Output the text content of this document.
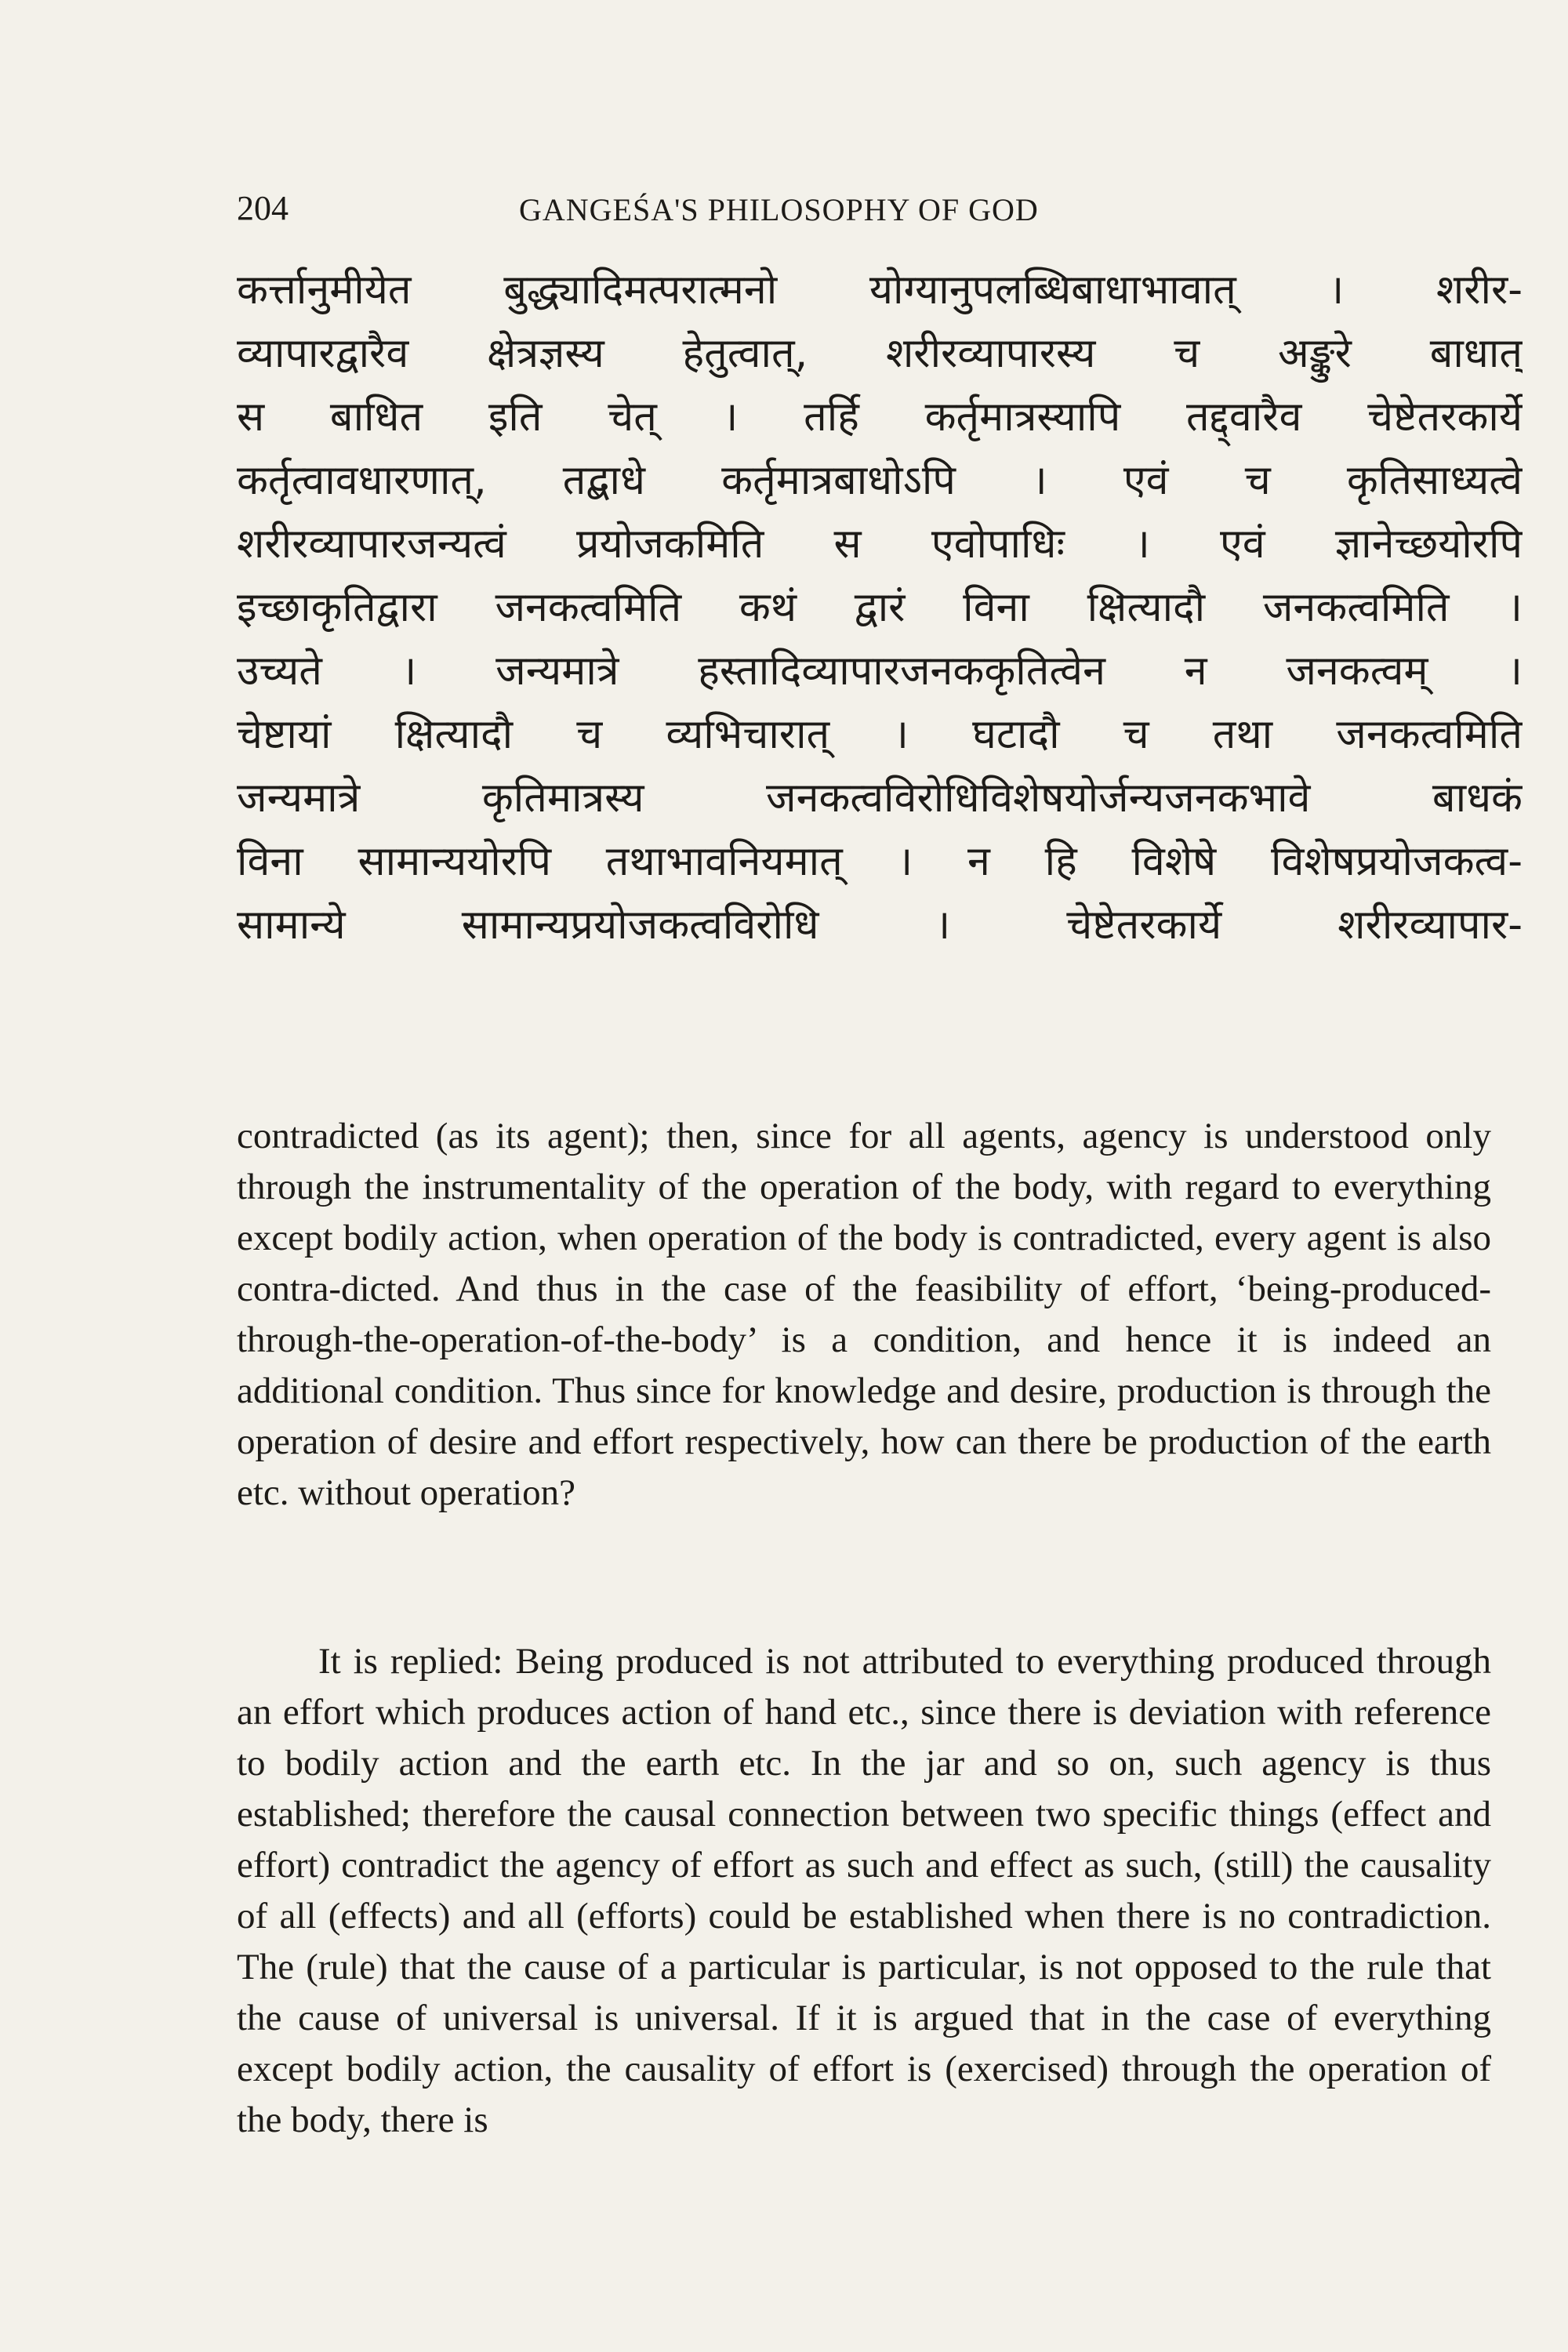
204	GANGEŚA'S PHILOSOPHY OF GOD
कर्त्तानुमीयेत बुद्ध्यादिमत्परात्मनो योग्यानुपलब्धिबाधाभावात् । शरीर-
व्यापारद्वारैव क्षेत्रज्ञस्य हेतुत्वात्, शरीरव्यापारस्य च अङ्कुरे बाधात्
स बाधित इति चेत् । तर्हि कर्तृमात्रस्यापि तद्द्वारैव चेष्टेतरकार्ये
कर्तृत्वावधारणात्, तद्बाधे कर्तृमात्रबाधोऽपि । एवं च कृतिसाध्यत्वे
शरीरव्यापारजन्यत्वं प्रयोजकमिति स एवोपाधिः । एवं ज्ञानेच्छयोरपि
इच्छाकृतिद्वारा जनकत्वमिति कथं द्वारं विना क्षित्यादौ जनकत्वमिति ।
उच्यते । जन्यमात्रे हस्तादिव्यापारजनककृतित्वेन न जनकत्वम् ।
चेष्टायां क्षित्यादौ च व्यभिचारात् । घटादौ च तथा जनकत्वमिति
जन्यमात्रे कृतिमात्रस्य जनकत्वविरोधिविशेषयोर्जन्यजनकभावे बाधकं
विना सामान्ययोरपि तथाभावनियमात् । न हि विशेषे विशेषप्रयोजकत्व-
सामान्ये सामान्यप्रयोजकत्वविरोधि । चेष्टेतरकार्ये शरीरव्यापार-

contradicted (as its agent); then, since for all agents, agency is understood only through the instrumentality of the operation of the body, with regard to everything except bodily action, when operation of the body is contradicted, every agent is also contra-dicted. And thus in the case of the feasibility of effort, ‘being-produced-through-the-operation-of-the-body’ is a condition, and hence it is indeed an additional condition. Thus since for knowledge and desire, production is through the operation of desire and effort respectively, how can there be production of the earth etc. without operation?

It is replied: Being produced is not attributed to everything produced through an effort which produces action of hand etc., since there is deviation with reference to bodily action and the earth etc. In the jar and so on, such agency is thus established; therefore the causal connection between two specific things (effect and effort) contradict the agency of effort as such and effect as such, (still) the causality of all (effects) and all (efforts) could be established when there is no contradiction. The (rule) that the cause of a particular is particular, is not opposed to the rule that the cause of universal is universal. If it is argued that in the case of everything except bodily action, the causality of effort is (exercised) through the operation of the body, there is
